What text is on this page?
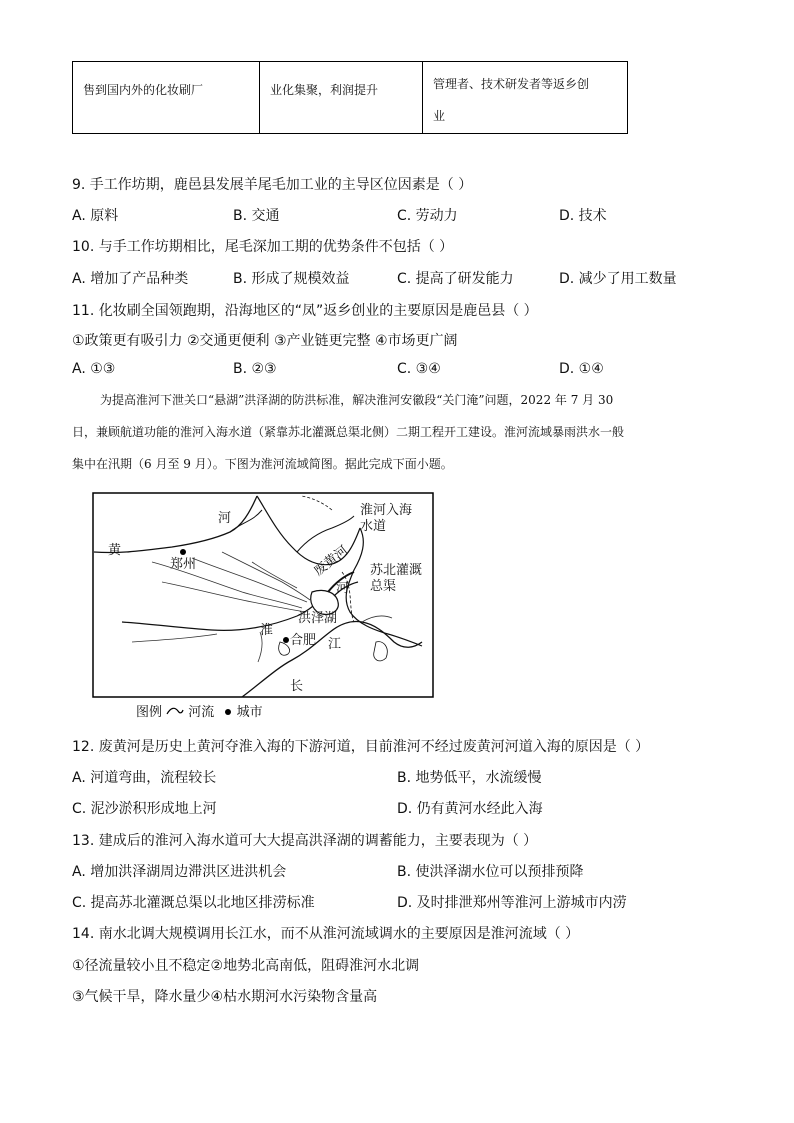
售到国内外的化妆刷厂	业化集聚，利润提升	管理者、技术研发者等返乡创
业
9. 手工作坊期，鹿邑县发展羊尾毛加工业的主导区位因素是（ ）
A. 原料	B. 交通	C. 劳动力	D. 技术
10. 与手工作坊期相比，尾毛深加工期的优势条件不包括（ ）
A. 增加了产品种类	B. 形成了规模效益	C. 提高了研发能力	D. 减少了用工数量
11. 化妆刷全国领跑期，沿海地区的“凤”返乡创业的主要原因是鹿邑县（ ）
①政策更有吸引力 ②交通更便利 ③产业链更完整 ④市场更广阔
A. ①③	B. ②③	C. ③④	D. ①④
为提高淮河下泄关口“悬湖”洪泽湖的防洪标准，解决淮河安徽段“关门淹”问题，2022 年 7 月 30
日，兼顾航道功能的淮河入海水道（紧靠苏北灌溉总渠北侧）二期工程开工建设。淮河流域暴雨洪水一般
集中在汛期（6 月至 9 月）。下图为淮河流域简图。据此完成下面小题。
河
黄
郑州	废黄河
淮河入海
水道
苏北灌溉
总渠
河
洪泽湖
淮
合肥 江
长
图例 河流 城市
12. 废黄河是历史上黄河夺淮入海的下游河道，目前淮河不经过废黄河河道入海的原因是（ ）
A. 河道弯曲，流程较长	B. 地势低平，水流缓慢
C. 泥沙淤积形成地上河	D. 仍有黄河水经此入海
13. 建成后的淮河入海水道可大大提高洪泽湖的调蓄能力，主要表现为（ ）
A. 增加洪泽湖周边滞洪区进洪机会	B. 使洪泽湖水位可以预排预降
C. 提高苏北灌溉总渠以北地区排涝标准	D. 及时排泄郑州等淮河上游城市内涝
14. 南水北调大规模调用长江水，而不从淮河流域调水的主要原因是淮河流域（ ）
①径流量较小且不稳定②地势北高南低，阻碍淮河水北调
③气候干旱，降水量少④枯水期河水污染物含量高
